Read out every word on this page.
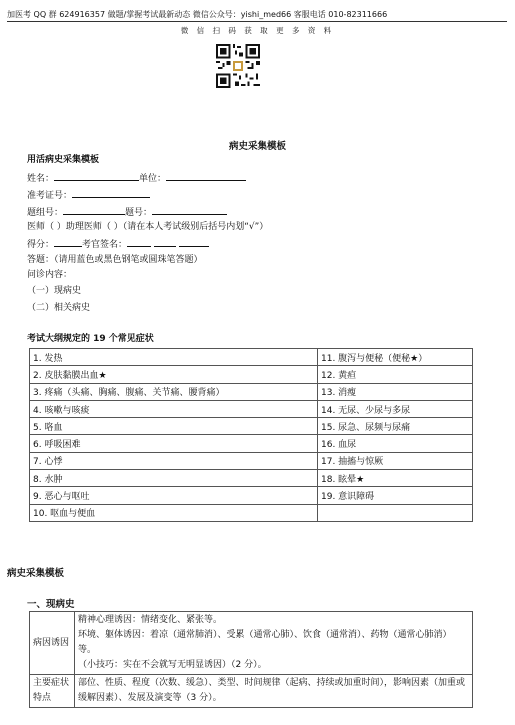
加医考 QQ 群 624916357 做题/掌握考试最新动态 微信公众号：yishi_med66 客服电话 010-82311666
微 信 扫 码 获 取 更 多 资 料
病史采集模板
用活病史采集模板
姓名：	单位：
准考证号：
题组号：	题号：
医师（ ）助理医师（ ）（请在本人考试级别后括号内划“√”）
得分：	考官签名：
答题：（请用蓝色或黑色钢笔或圆珠笔答题）
问诊内容：
（一）现病史
（二）相关病史
考试大纲规定的 19 个常见症状
1. 发热	11. 腹泻与便秘（便秘★）
2. 皮肤黏膜出血★	12. 黄疸
3. 疼痛（头痛、胸痛、腹痛、关节痛、腰背痛）	13. 消瘦
4. 咳嗽与咳痰	14. 无尿、少尿与多尿
5. 咯血	15. 尿急、尿频与尿痛
6. 呼吸困难	16. 血尿
7. 心悸	17. 抽搐与惊厥
8. 水肿	18. 眩晕★
9. 恶心与呕吐	19. 意识障碍
10. 呕血与便血	
病史采集模板
一、现病史
病因诱因	精神心理诱因：情绪变化、紧张等。
环境、躯体诱因：着凉（通常肺消）、受累（通常心肺）、饮食（通常消）、药物（通常心肺消）等。
（小技巧：实在不会就写无明显诱因）（2 分）。

主要症状特点	部位、性质、程度（次数、缓急）、类型、时间规律（起病、持续或加重时间），影响因素（加重或缓解因素）、发展及演变等（3 分）。
